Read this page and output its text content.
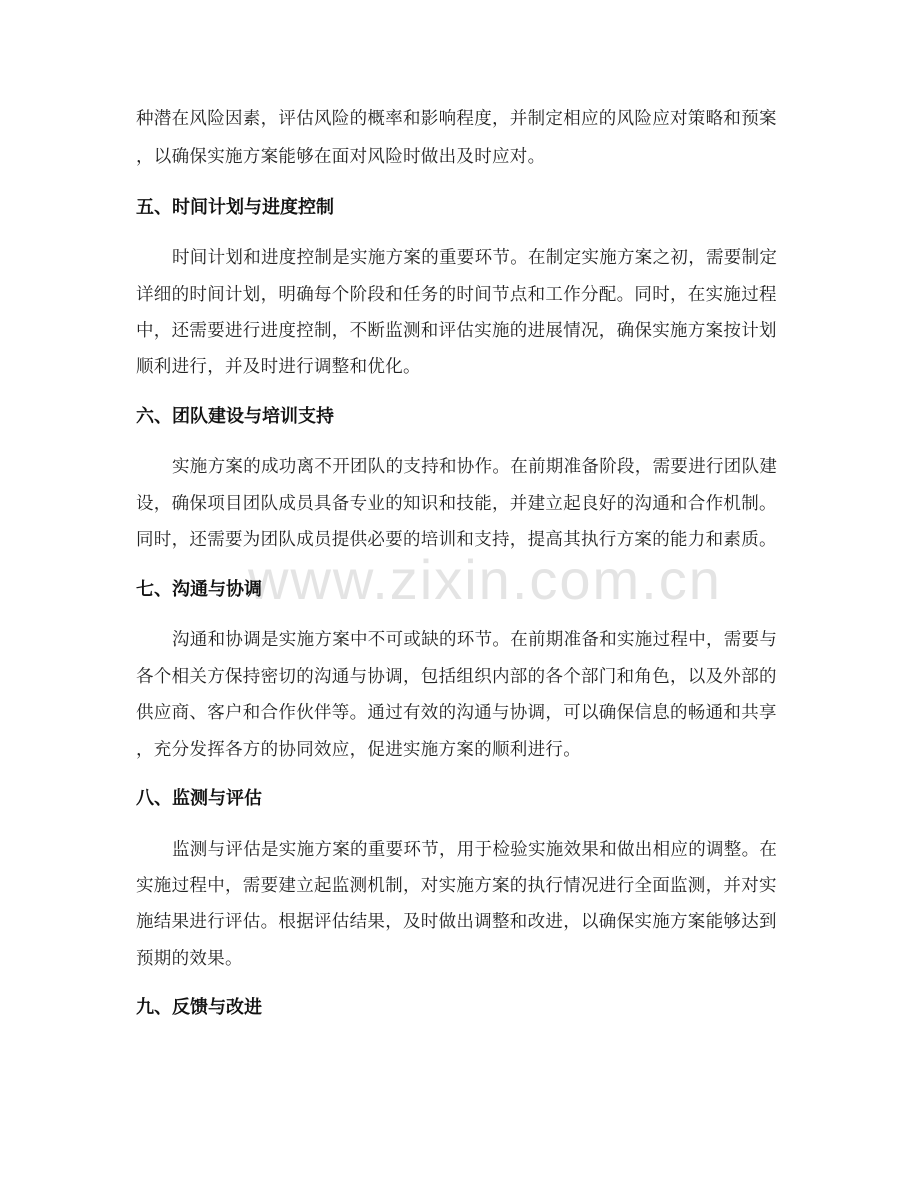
www.zixin.com.cn
种潜在风险因素，评估风险的概率和影响程度，并制定相应的风险应对策略和预案
，以确保实施方案能够在面对风险时做出及时应对。
五、时间计划与进度控制
时间计划和进度控制是实施方案的重要环节。在制定实施方案之初，需要制定
详细的时间计划，明确每个阶段和任务的时间节点和工作分配。同时，在实施过程
中，还需要进行进度控制，不断监测和评估实施的进展情况，确保实施方案按计划
顺利进行，并及时进行调整和优化。
六、团队建设与培训支持
实施方案的成功离不开团队的支持和协作。在前期准备阶段，需要进行团队建
设，确保项目团队成员具备专业的知识和技能，并建立起良好的沟通和合作机制。
同时，还需要为团队成员提供必要的培训和支持，提高其执行方案的能力和素质。
七、沟通与协调
沟通和协调是实施方案中不可或缺的环节。在前期准备和实施过程中，需要与
各个相关方保持密切的沟通与协调，包括组织内部的各个部门和角色，以及外部的
供应商、客户和合作伙伴等。通过有效的沟通与协调，可以确保信息的畅通和共享
，充分发挥各方的协同效应，促进实施方案的顺利进行。
八、监测与评估
监测与评估是实施方案的重要环节，用于检验实施效果和做出相应的调整。在
实施过程中，需要建立起监测机制，对实施方案的执行情况进行全面监测，并对实
施结果进行评估。根据评估结果，及时做出调整和改进，以确保实施方案能够达到
预期的效果。
九、反馈与改进
